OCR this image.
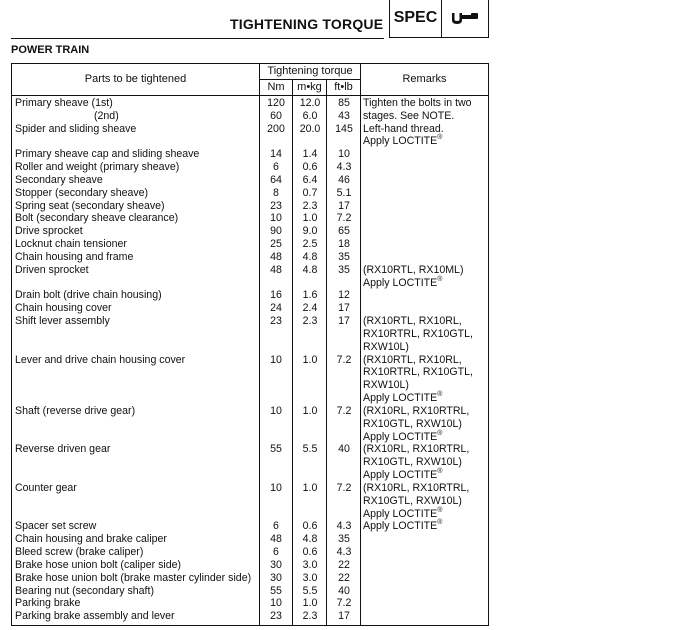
TIGHTENING TORQUE SPEC
POWER TRAIN
Parts to be tightened
Tightening torque
Nm	m•kg	ft•lb
Remarks
Primary sheave (1st)	120	12.0	85	Tighten the bolts in two
stages. See NOTE.
(2nd)	60	6.0	43
Spider and sliding sheave	200	20.0	145 Left-hand thread.
Apply LOCTITE®
Primary sheave cap and sliding sheave	14	1.4	10
Roller and weight (primary sheave)	6	0.6	4.3
Secondary sheave	64	6.4	46
Stopper (secondary sheave)	8	0.7	5.1
Spring seat (secondary sheave)	23	2.3	17
Bolt (secondary sheave clearance)	10	1.0	7.2
Drive sprocket	90	9.0	65
Locknut chain tensioner	25	2.5	18
Chain housing and frame	48	4.8	35
Driven sprocket	48	4.8	35	(RX10RTL, RX10ML)
Apply LOCTITE®
Drain bolt (drive chain housing)	16	1.6	12
Chain housing cover	24	2.4	17
Shift lever assembly	23	2.3	17	(RX10RTL, RX10RL,
RX10RTRL, RX10GTL,
RXW10L)
Lever and drive chain housing cover	10	1.0	7.2	(RX10RTL, RX10RL,
RX10RTRL, RX10GTL,
RXW10L)
Apply LOCTITE®
Shaft (reverse drive gear)	10	1.0	7.2	(RX10RL, RX10RTRL,
RX10GTL, RXW10L)
Apply LOCTITE®
Reverse driven gear	55	5.5	40	(RX10RL, RX10RTRL,
RX10GTL, RXW10L)
Apply LOCTITE®
Counter gear	10	1.0	7.2	(RX10RL, RX10RTRL,
RX10GTL, RXW10L)
Apply LOCTITE®
Spacer set screw	6	0.6	4.3	Apply LOCTITE®
Chain housing and brake caliper	48	4.8	35
Bleed screw (brake caliper)	6	0.6	4.3
Brake hose union bolt (caliper side)	30	3.0	22
Brake hose union bolt (brake master cylinder side)	30	3.0	22
Bearing nut (secondary shaft)	55	5.5	40
Parking brake	10	1.0	7.2
Parking brake assembly and lever	23	2.3	17
